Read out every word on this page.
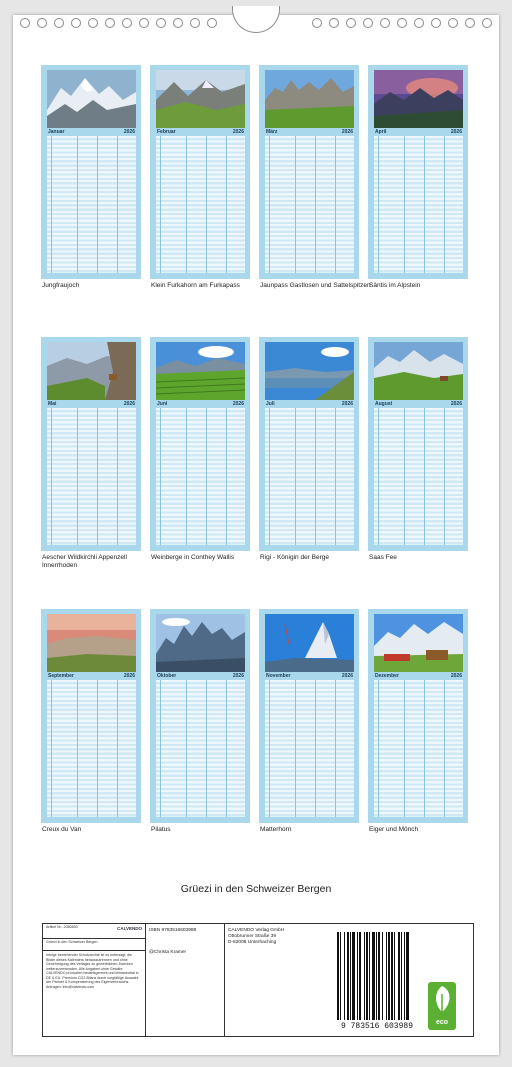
Januar	2026
Jungfraujoch
Februar	2026
Klein Furkahorn am Furkapass
März	2026
Jaunpass Gastlosen und Sattelspitzen
April	2026
Säntis im Alpstein
Mai	2026
Aescher Wildkirchli Appenzell Innerrhoden
Juni	2026
Weinberge in Conthey Wallis
Juli	2026
Rigi - Königin der Berge
August	2026
Saas Fee
September	2026
Creux du Van
Oktober	2026
Pilatus
November	2026
Matterhorn
Dezember	2026
Eiger und Mönch
Grüezi in den Schweizer Bergen
Artikel Nr.: 2080830	CALVENDO
Grüezi in den Schweizer Bergen
Infolge bestehender Schutzrechte ist es untersagt, die Bilder dieses Kalenders herauszutrennen und ohne Genehmigung des Verlages zu gewerblichen Zwecken weiterzuverwenden. Alle Angaben ohne Gewähr. CALVENDO produziert bedarfsgerecht und klimaneutral in DE & EU. Premium-CO2-Bilanz durch sorgfältige Auswahl der Partner & Kompensierung des Eigenverbrauchs. Anfragen: info@calvendo.com
ISBN 9783516603989
@Christa Kramer
CALVENDO Verlag GmbH
Ottobrunner Straße 39
D-82008 Unterhaching
9 783516 603989	eco
